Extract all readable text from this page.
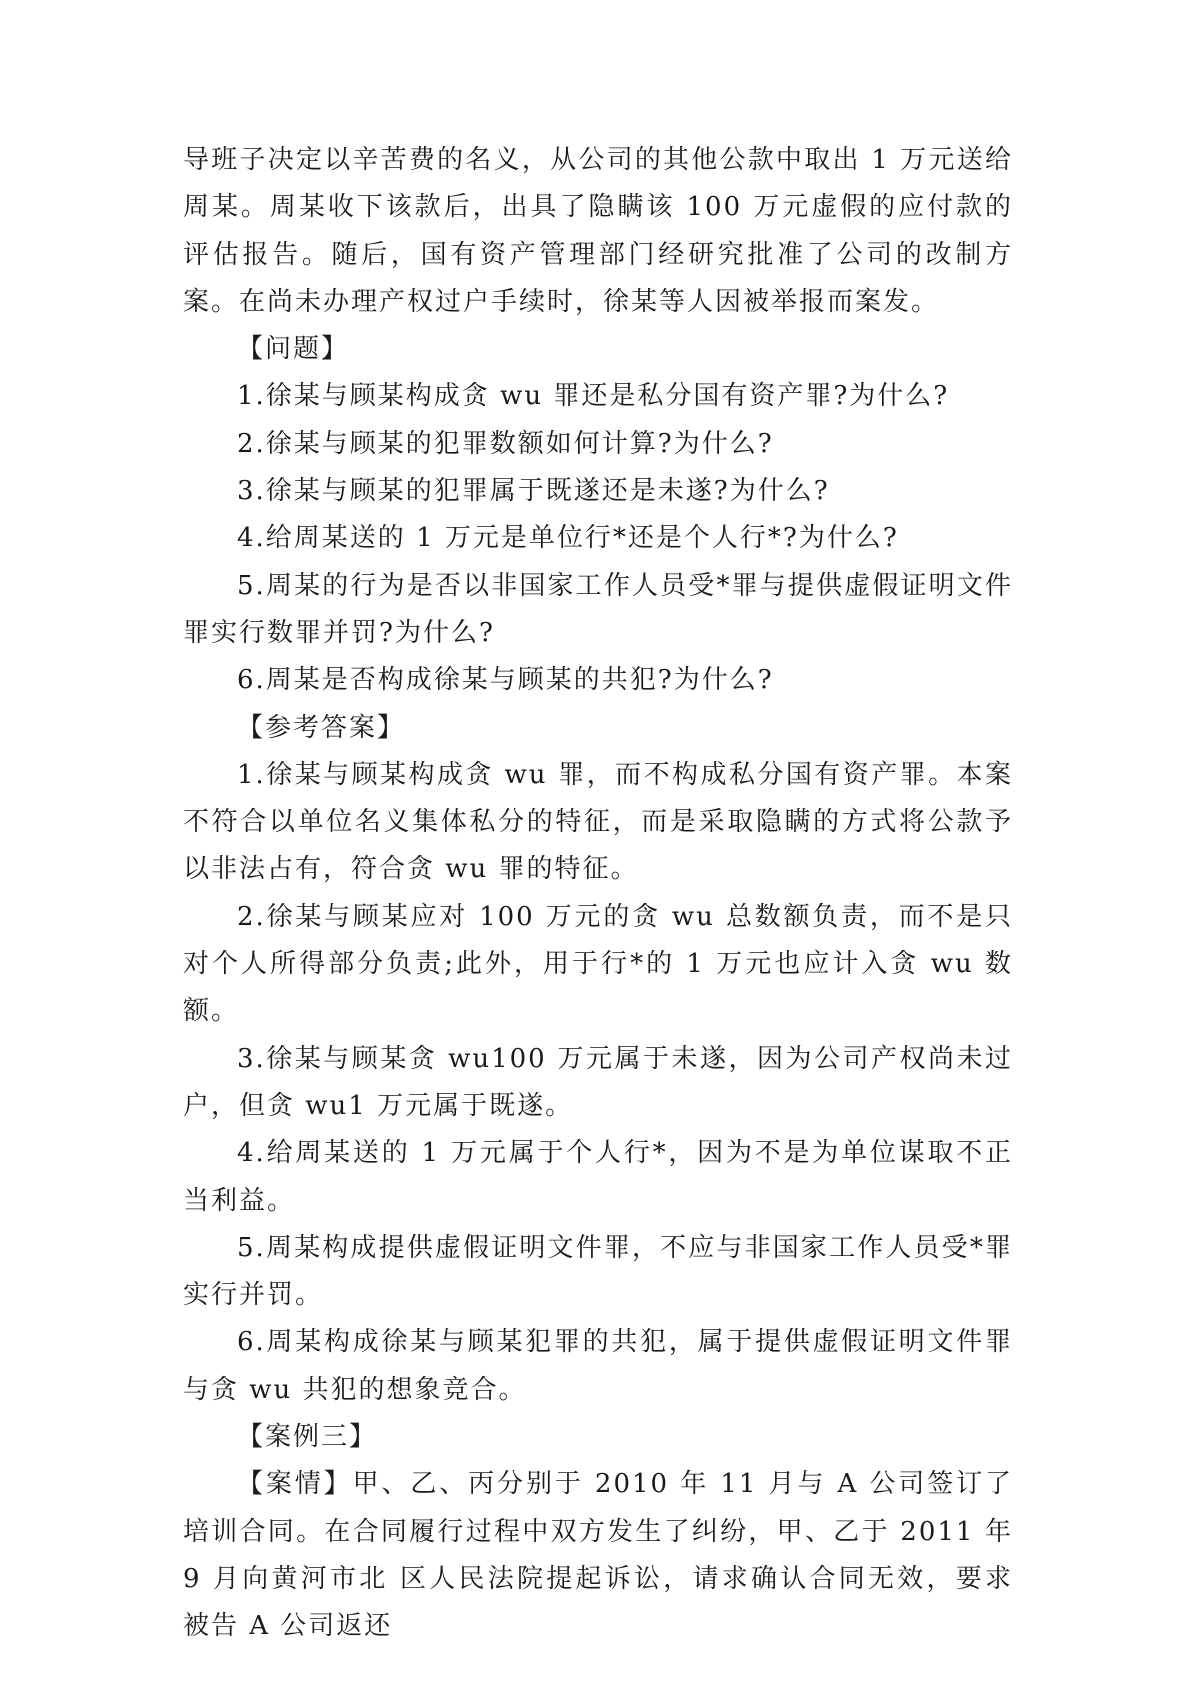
导班子决定以辛苦费的名义，从公司的其他公款中取出 1 万元送给周某。周某收下该款后，出具了隐瞒该 100 万元虚假的应付款的评估报告。随后，国有资产管理部门经研究批准了公司的改制方案。在尚未办理产权过户手续时，徐某等人因被举报而案发。

【问题】

1.徐某与顾某构成贪 wu 罪还是私分国有资产罪?为什么?

2.徐某与顾某的犯罪数额如何计算?为什么?

3.徐某与顾某的犯罪属于既遂还是未遂?为什么?

4.给周某送的 1 万元是单位行*还是个人行*?为什么?

5.周某的行为是否以非国家工作人员受*罪与提供虚假证明文件罪实行数罪并罚?为什么?

6.周某是否构成徐某与顾某的共犯?为什么?

【参考答案】

1.徐某与顾某构成贪 wu 罪，而不构成私分国有资产罪。本案不符合以单位名义集体私分的特征，而是采取隐瞒的方式将公款予以非法占有，符合贪 wu 罪的特征。

2.徐某与顾某应对 100 万元的贪 wu 总数额负责，而不是只对个人所得部分负责;此外，用于行*的 1 万元也应计入贪 wu 数额。

3.徐某与顾某贪 wu100 万元属于未遂，因为公司产权尚未过户，但贪 wu1 万元属于既遂。

4.给周某送的 1 万元属于个人行*，因为不是为单位谋取不正当利益。

5.周某构成提供虚假证明文件罪，不应与非国家工作人员受*罪实行并罚。

6.周某构成徐某与顾某犯罪的共犯，属于提供虚假证明文件罪与贪 wu 共犯的想象竞合。

【案例三】

【案情】甲、乙、丙分别于 2010 年 11 月与 A 公司签订了培训合同。在合同履行过程中双方发生了纠纷，甲、乙于 2011 年 9 月向黄河市北 区人民法院提起诉讼，请求确认合同无效，要求 被告 A 公司返还
